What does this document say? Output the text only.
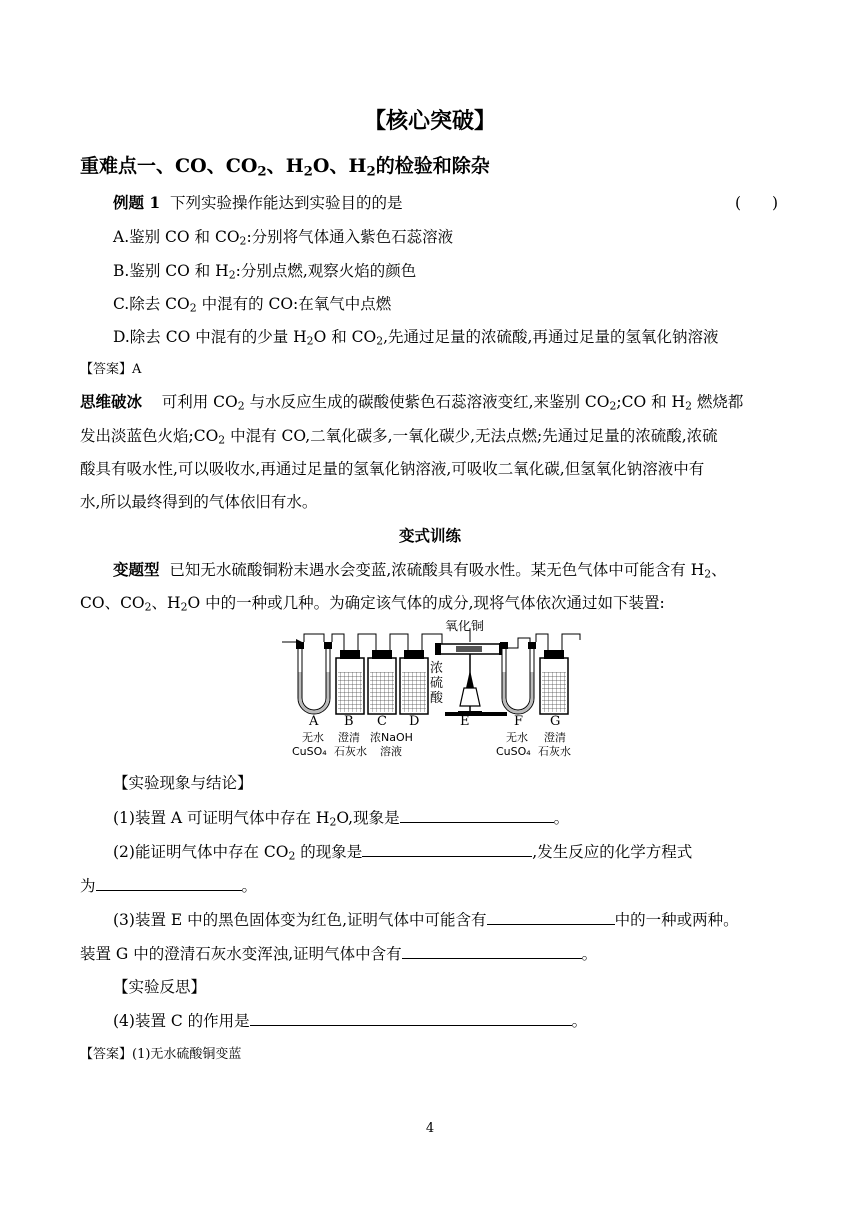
【核心突破】
重难点一、CO、$CO_2$、$H_2O$、$H_2$的检验和除杂
例题 1 下列实验操作能达到实验目的的是	(　　)
A.鉴别 CO 和 $CO_2$:分别将气体通入紫色石蕊溶液
B.鉴别 CO 和 $H_2$:分别点燃,观察火焰的颜色
C.除去 $CO_2$ 中混有的 CO:在氧气中点燃
D.除去 CO 中混有的少量 $H_2O$ 和 $CO_2$,先通过足量的浓硫酸,再通过足量的氢氧化钠溶液
【答案】A
思维破冰 可利用 $CO_2$ 与水反应生成的碳酸使紫色石蕊溶液变红,来鉴别 $CO_2;CO$ 和 $H_2$ 燃烧都
发出淡蓝色火焰$;CO_2$ 中混有 CO,二氧化碳多,一氧化碳少,无法点燃;先通过足量的浓硫酸,浓硫
酸具有吸水性,可以吸收水,再通过足量的氢氧化钠溶液,可吸收二氧化碳,但氢氧化钠溶液中有
水,所以最终得到的气体依旧有水。
变式训练
变题型 已知无水硫酸铜粉末遇水会变蓝,浓硫酸具有吸水性。某无色气体中可能含有 $H_2$、
CO、$CO_2$、$H_2O$ 中的一种或几种。为确定该气体的成分,现将气体依次通过如下装置:
浓
硫
酸
氧化铜
A B C D	E	F G
无水
CuSO₄
澄清
石灰水
浓NaOH
溶液
无水
CuSO₄
澄清
石灰水
【实验现象与结论】
(1)装置 A 可证明气体中存在 $H_2O$,现象是	。
(2)能证明气体中存在 $CO_2$ 的现象是	,发生反应的化学方程式
为	。
(3)装置 E 中的黑色固体变为红色,证明气体中可能含有	中的一种或两种。
装置 G 中的澄清石灰水变浑浊,证明气体中含有	。
【实验反思】
(4)装置 C 的作用是	。
【答案】(1)无水硫酸铜变蓝
4
